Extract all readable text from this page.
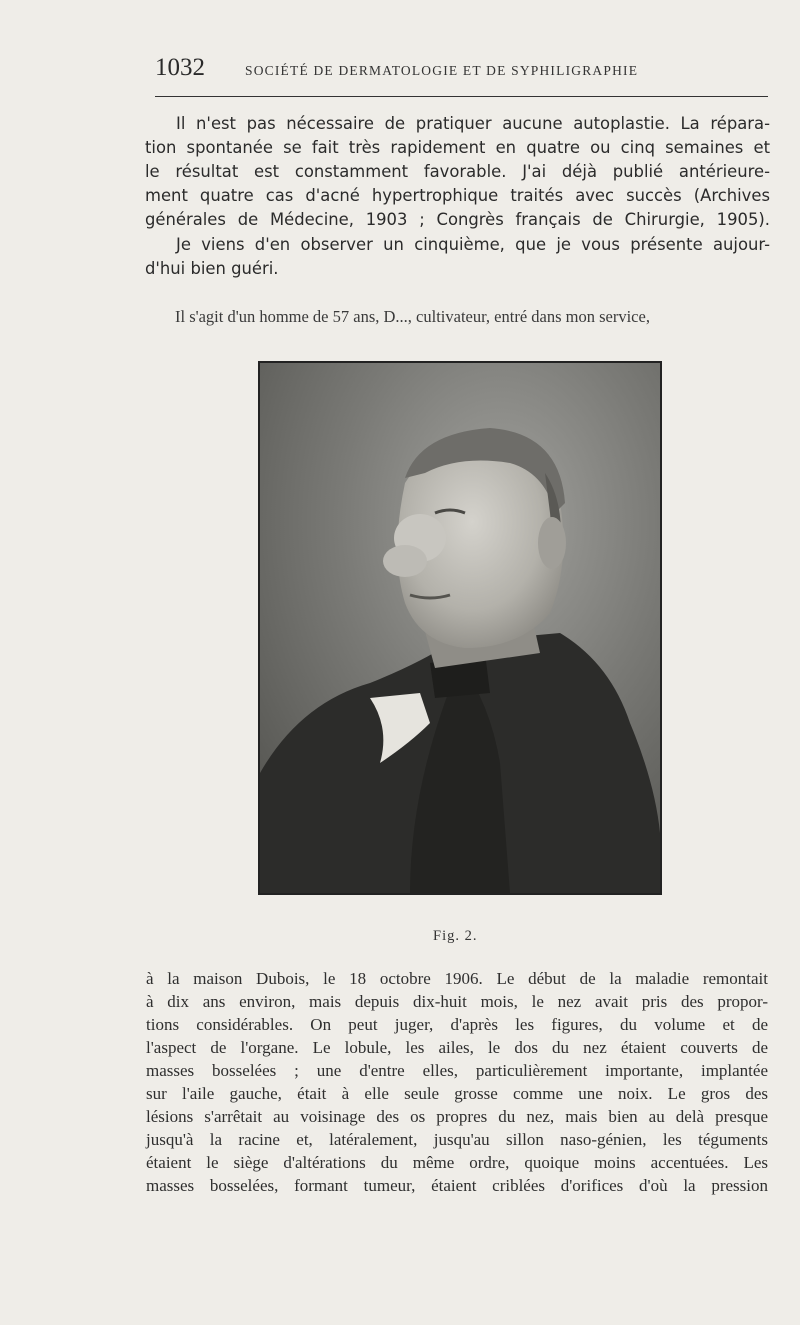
1032	SOCIÉTÉ DE DERMATOLOGIE ET DE SYPHILIGRAPHIE
Il n'est pas nécessaire de pratiquer aucune autoplastie. La répara-
tion spontanée se fait très rapidement en quatre ou cinq semaines et
le résultat est constamment favorable. J'ai déjà publié antérieure-
ment quatre cas d'acné hypertrophique traités avec succès (Archives
générales de Médecine, 1903 ; Congrès français de Chirurgie, 1905).
Je viens d'en observer un cinquième, que je vous présente aujour-
d'hui bien guéri.
Il s'agit d'un homme de 57 ans, D..., cultivateur, entré dans mon service,
Fig. 2.
à la maison Dubois, le 18 octobre 1906. Le début de la maladie remontait
à dix ans environ, mais depuis dix-huit mois, le nez avait pris des propor-
tions considérables. On peut juger, d'après les figures, du volume et de
l'aspect de l'organe. Le lobule, les ailes, le dos du nez étaient couverts de
masses bosselées ; une d'entre elles, particulièrement importante, implantée
sur l'aile gauche, était à elle seule grosse comme une noix. Le gros des
lésions s'arrêtait au voisinage des os propres du nez, mais bien au delà presque
jusqu'à la racine et, latéralement, jusqu'au sillon naso-génien, les téguments
étaient le siège d'altérations du même ordre, quoique moins accentuées. Les
masses bosselées, formant tumeur, étaient criblées d'orifices d'où la pression
